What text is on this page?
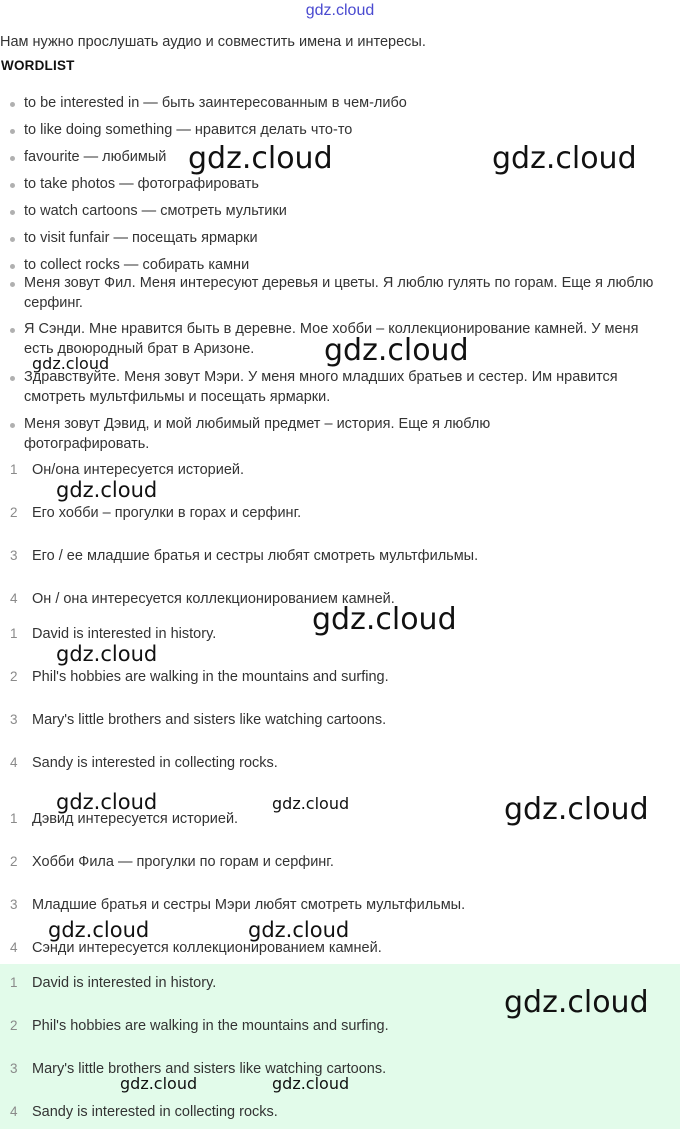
gdz.cloud
Нам нужно прослушать аудио и совместить имена и интересы.
WORDLIST
to be interested in — быть заинтересованным в чем-либо
to like doing something — нравится делать что-то
favourite — любимый
to take photos — фотографировать
to watch cartoons — смотреть мультики
to visit funfair — посещать ярмарки
to collect rocks — собирать камни
Меня зовут Фил. Меня интересуют деревья и цветы. Я люблю гулять по горам. Еще я люблю серфинг.
Я Сэнди. Мне нравится быть в деревне. Мое хобби – коллекционирование камней. У меня есть двоюродный брат в Аризоне.
Здравствуйте. Меня зовут Мэри. У меня много младших братьев и сестер. Им нравится смотреть мультфильмы и посещать ярмарки.
Меня зовут Дэвид, и мой любимый предмет – история. Еще я люблю фотографировать.
1 Он/она интересуется историей.
2 Его хобби – прогулки в горах и серфинг.
3 Его / ее младшие братья и сестры любят смотреть мультфильмы.
4 Он / она интересуется коллекционированием камней.
1 David is interested in history.
2 Phil's hobbies are walking in the mountains and surfing.
3 Mary's little brothers and sisters like watching cartoons.
4 Sandy is interested in collecting rocks.
1 Дэвид интересуется историей.
2 Хобби Фила — прогулки по горам и серфинг.
3 Младшие братья и сестры Мэри любят смотреть мультфильмы.
4 Сэнди интересуется коллекционированием камней.
1 David is interested in history.
2 Phil's hobbies are walking in the mountains and surfing.
3 Mary's little brothers and sisters like watching cartoons.
4 Sandy is interested in collecting rocks.
gdz.cloud	gdz.cloud
gdz.cloud
gdz.cloud
gdz.cloud
gdz.cloud
gdz.cloud
gdz.cloud	gdz.cloud	gdz.cloud
gdz.cloud	gdz.cloud
gdz.cloud
gdz.cloud	gdz.cloud
